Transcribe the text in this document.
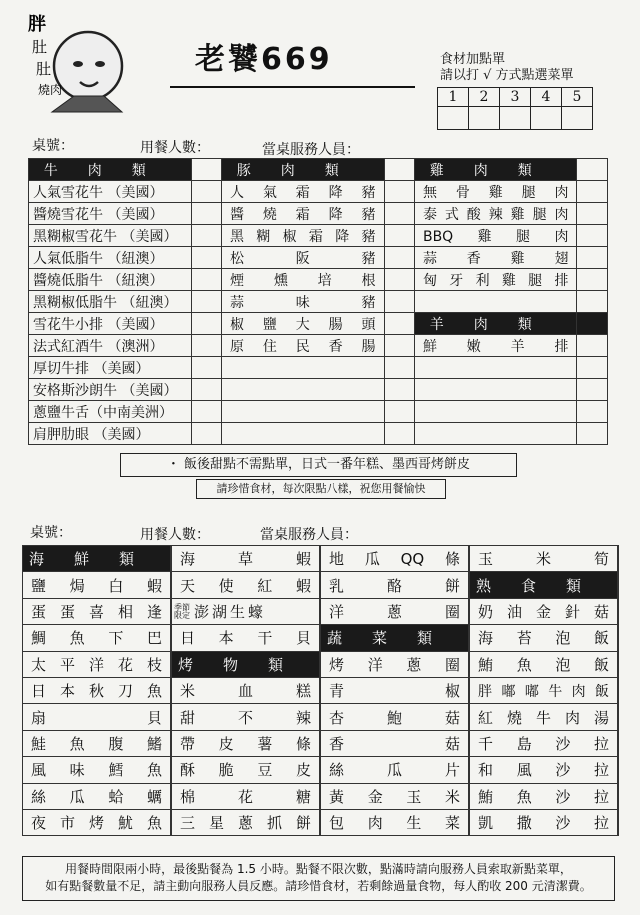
胖
肚
肚
燒肉
老饕669	食材加點單
請以打 √ 方式點選菜單
1	2	3	4	5

桌號：	用餐人數：	當桌服務人員：
牛肉類		豚肉類		雞肉類	
人氣雪花牛 （美國）		人氣霜降豬		無骨雞腿肉	
醬燒雪花牛 （美國）		醬燒霜降豬		泰式酸辣雞腿肉	
黑糊椒雪花牛 （美國）		黑糊椒霜降豬		BBQ雞腿肉	
人氣低脂牛 （紐澳）		松阪豬		蒜香雞翅	
醬燒低脂牛 （紐澳）		煙燻培根		匈牙利雞腿排	
黑糊椒低脂牛 （紐澳）		蒜味豬			
雪花牛小排 （美國）		椒鹽大腸頭		羊肉類	
法式紅酒牛 （澳洲）		原住民香腸		鮮嫩羊排	
厚切牛排 （美國）					
安格斯沙朗牛 （美國）					
蔥鹽牛舌（中南美洲）					
肩胛肋眼 （美國）					
・ 飯後甜點不需點單，日式一番年糕、墨西哥烤餅皮
請珍惜食材，每次限點八樣，祝您用餐愉快
桌號：	用餐人數：	當桌服務人員：
海鮮類		海草蝦		地瓜QQ條		玉米筍	
鹽焗白蝦		天使紅蝦		乳酪餅		熟食類	
蛋蛋喜相逢		季節限定 澎湖生蠔		洋蔥圈		奶油金針菇	
鯛魚下巴		日本干貝		蔬菜類		海苔泡飯	
太平洋花枝		烤物類		烤洋蔥圈		鮪魚泡飯	
日本秋刀魚		米血糕		青椒		胖嘟嘟牛肉飯	
扇貝		甜不辣		杏鮑菇		紅燒牛肉湯	
鮭魚腹鰭		帶皮薯條		香菇		千島沙拉	
風味鱈魚		酥脆豆皮		絲瓜片		和風沙拉	
絲瓜蛤蠣		棉花糖		黃金玉米		鮪魚沙拉	
夜市烤魷魚		三星蔥抓餅		包肉生菜		凱撒沙拉	
用餐時間限兩小時，最後點餐為 1.5 小時。點餐不限次數，點滿時請向服務人員索取新點菜單，
如有點餐數量不足，請主動向服務人員反應。請珍惜食材，若剩餘過量食物，每人酌收 200 元清潔費。
